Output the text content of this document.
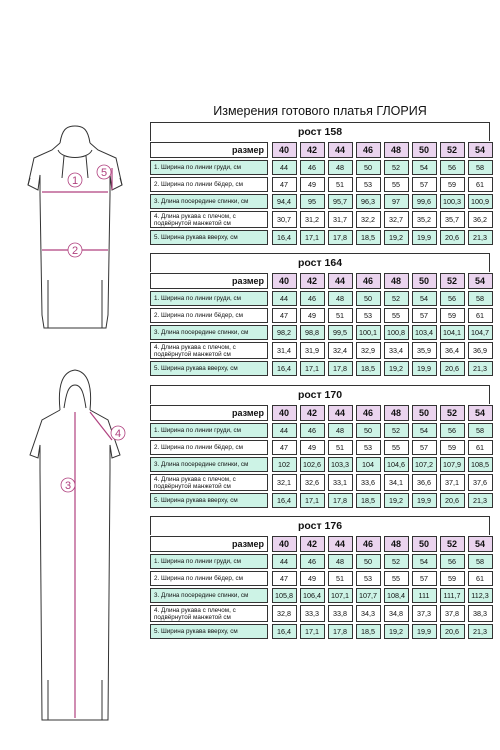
1
2
3
4
5
Измерения готового платья ГЛОРИЯ
рост 158
размер	40	42	44	46	48	50	52	54
1. Ширина по линии груди, см	44	46	48	50	52	54	56	58
2. Ширина по линии бёдер, см	47	49	51	53	55	57	59	61
3. Длина посередине спинки, см	94,4	95	95,7	96,3	97	99,6	100,3	100,9
4. Длина рукава с плечом, с подвёрнутой манжетой см	30,7	31,2	31,7	32,2	32,7	35,2	35,7	36,2
5. Ширина рукава вверху, см	16,4	17,1	17,8	18,5	19,2	19,9	20,6	21,3
рост 164
размер	40	42	44	46	48	50	52	54
1. Ширина по линии груди, см	44	46	48	50	52	54	56	58
2. Ширина по линии бёдер, см	47	49	51	53	55	57	59	61
3. Длина посередине спинки, см	98,2	98,8	99,5	100,1	100,8	103,4	104,1	104,7
4. Длина рукава с плечом, с подвёрнутой манжетой см	31,4	31,9	32,4	32,9	33,4	35,9	36,4	36,9
5. Ширина рукава вверху, см	16,4	17,1	17,8	18,5	19,2	19,9	20,6	21,3
рост 170
размер	40	42	44	46	48	50	52	54
1. Ширина по линии груди, см	44	46	48	50	52	54	56	58
2. Ширина по линии бёдер, см	47	49	51	53	55	57	59	61
3. Длина посередине спинки, см	102	102,6	103,3	104	104,6	107,2	107,9	108,5
4. Длина рукава с плечом, с подвёрнутой манжетой см	32,1	32,6	33,1	33,6	34,1	36,6	37,1	37,6
5. Ширина рукава вверху, см	16,4	17,1	17,8	18,5	19,2	19,9	20,6	21,3
рост 176
размер	40	42	44	46	48	50	52	54
1. Ширина по линии груди, см	44	46	48	50	52	54	56	58
2. Ширина по линии бёдер, см	47	49	51	53	55	57	59	61
3. Длина посередине спинки, см	105,8	106,4	107,1	107,7	108,4	111	111,7	112,3
4. Длина рукава с плечом, с подвёрнутой манжетой см	32,8	33,3	33,8	34,3	34,8	37,3	37,8	38,3
5. Ширина рукава вверху, см	16,4	17,1	17,8	18,5	19,2	19,9	20,6	21,3
